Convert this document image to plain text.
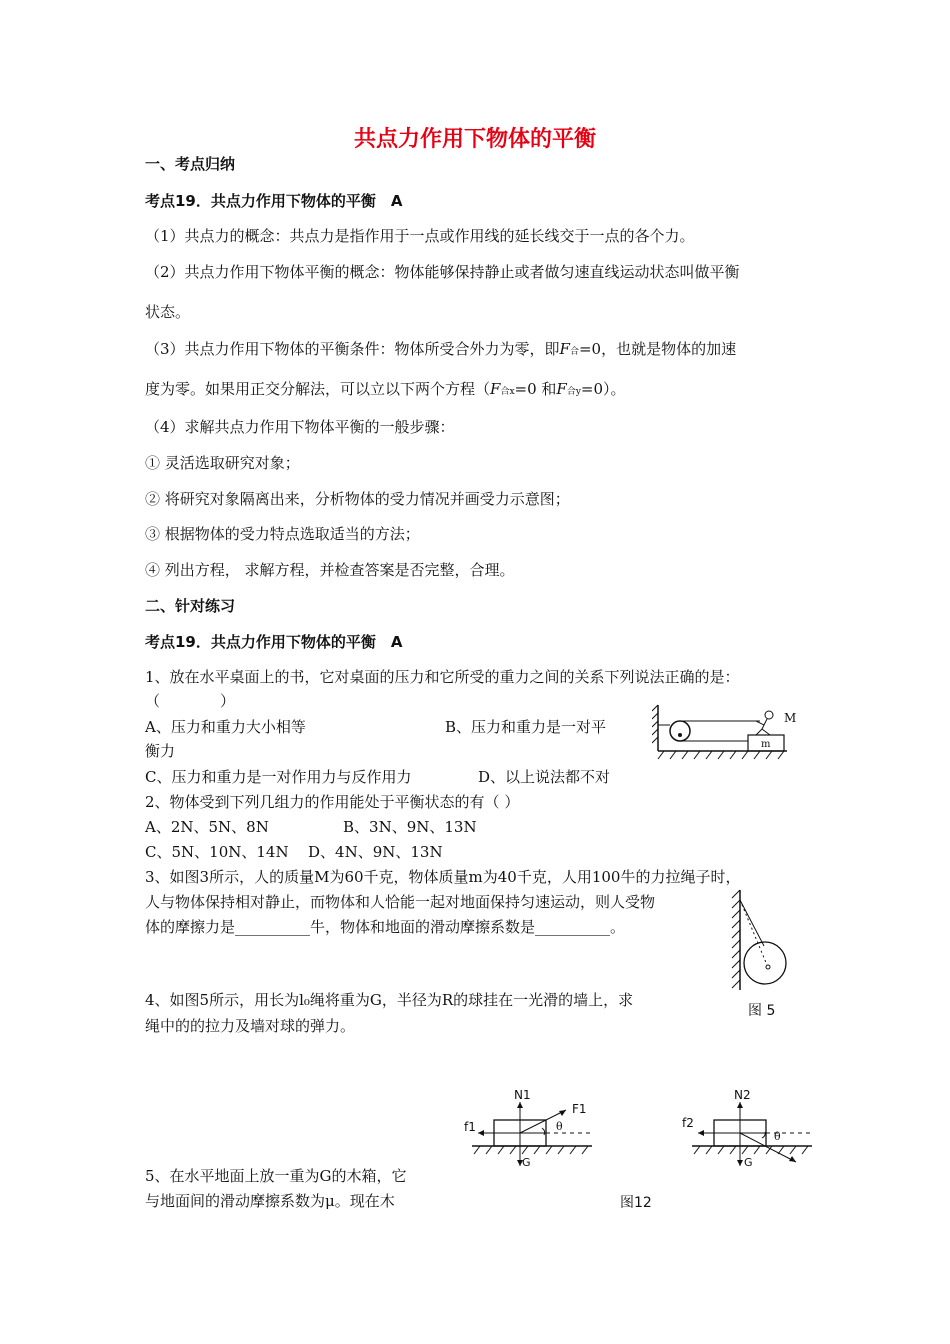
共点力作用下物体的平衡
一、考点归纳
考点19．共点力作用下物体的平衡　A
（1）共点力的概念：共点力是指作用于一点或作用线的延长线交于一点的各个力。
（2）共点力作用下物体平衡的概念：物体能够保持静止或者做匀速直线运动状态叫做平衡
状态。
（3）共点力作用下物体的平衡条件：物体所受合外力为零，即F合=0，也就是物体的加速
度为零。如果用正交分解法，可以立以下两个方程（F合x=0 和F合y=0）。
（4）求解共点力作用下物体平衡的一般步骤：
① 灵活选取研究对象；
② 将研究对象隔离出来，分析物体的受力情况并画受力示意图；
③ 根据物体的受力特点选取适当的方法；
④ 列出方程， 求解方程，并检查答案是否完整，合理。
二、针对练习
考点19．共点力作用下物体的平衡　A
1、放在水平桌面上的书，它对桌面的压力和它所受的重力之间的关系下列说法正确的是：
（　　　　）
A、压力和重力大小相等	B、压力和重力是一对平
衡力
C、压力和重力是一对作用力与反作用力	D、以上说法都不对
2、物体受到下列几组力的作用能处于平衡状态的有（ ）
A、2N、5N、8N	B、3N、9N、13N
C、5N、10N、14N D、4N、9N、13N
3、如图3所示，人的质量M为60千克，物体质量m为40千克，人用100牛的力拉绳子时，
人与物体保持相对静止，而物体和人恰能一起对地面保持匀速运动，则人受物
体的摩擦力是__________牛，物体和地面的滑动摩擦系数是__________。
4、如图5所示，用长为l₀绳将重为G，半径为R的球挂在一光滑的墙上，求
绳中的的拉力及墙对球的弹力。
5、在水平地面上放一重为G的木箱，它
与地面间的滑动摩擦系数为μ。现在木
M
m
图 5
N1
f1
F1
θ
G
N2
f2
θ
G
图12
